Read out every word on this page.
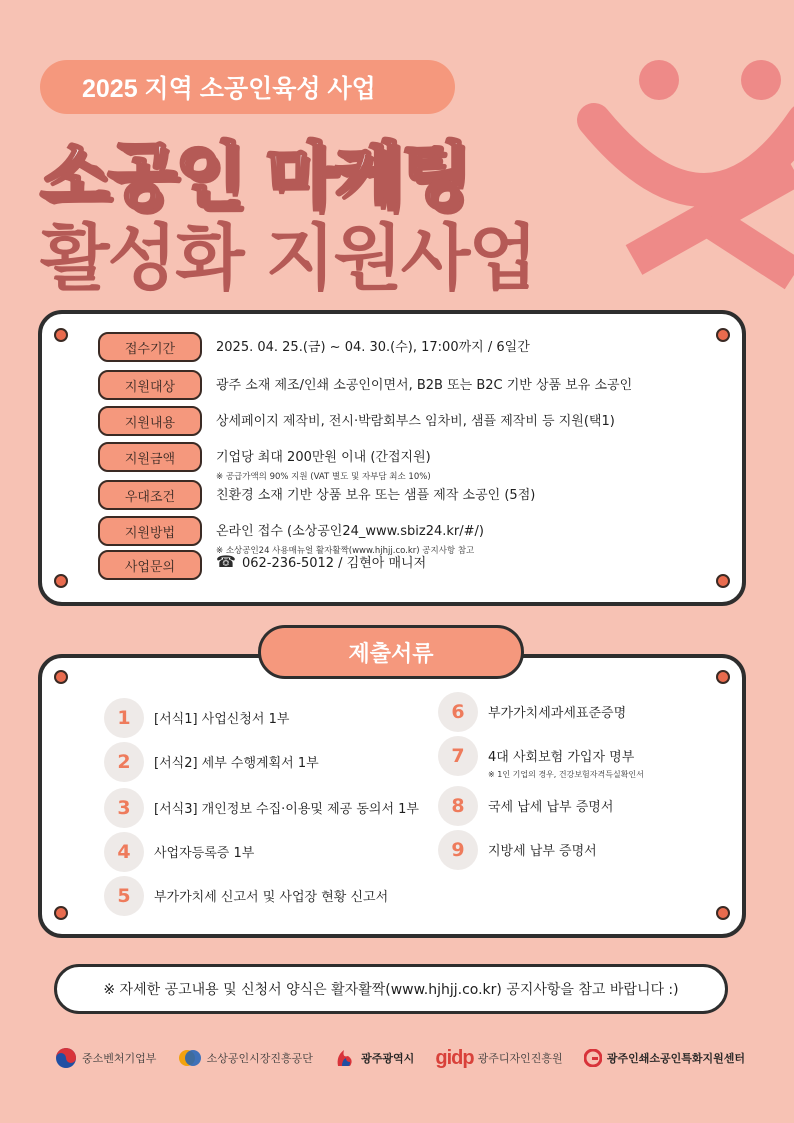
2025 지역 소공인육성 사업
소공인 마케팅
활성화 지원사업
접수기간	2025. 04. 25.(금) ~ 04. 30.(수), 17:00까지 / 6일간
지원대상	광주 소재 제조/인쇄 소공인이면서, B2B 또는 B2C 기반 상품 보유 소공인
지원내용	상세페이지 제작비, 전시·박람회부스 임차비, 샘플 제작비 등 지원(택1)
지원금액	기업당 최대 200만원 이내 (간접지원)
※ 공급가액의 90% 지원 (VAT 별도 및 자부담 최소 10%)
우대조건	친환경 소재 기반 상품 보유 또는 샘플 제작 소공인 (5점)
지원방법	온라인 접수 (소상공인24_www.sbiz24.kr/#/)
※ 소상공인24 사용매뉴얼 활자활짝(www.hjhjj.co.kr) 공지사항 참고
사업문의	☎ 062-236-5012 / 김현아 매니저
제출서류
1	[서식1] 사업신청서 1부
2	[서식2] 세부 수행계획서 1부
3	[서식3] 개인정보 수집·이용및 제공 동의서 1부
4	사업자등록증 1부
5	부가가치세 신고서 및 사업장 현황 신고서
6	부가가치세과세표준증명
7	4대 사회보험 가입자 명부
※ 1인 기업의 경우, 건강보험자격득실확인서
8	국세 납세 납부 증명서
9	지방세 납부 증명서
※ 자세한 공고내용 및 신청서 양식은 활자활짝(www.hjhjj.co.kr) 공지사항을 참고 바랍니다 :)
중소벤처기업부	소상공인시장진흥공단	광주광역시 gidp 광주디자인진흥원	광주인쇄소공인특화지원센터
